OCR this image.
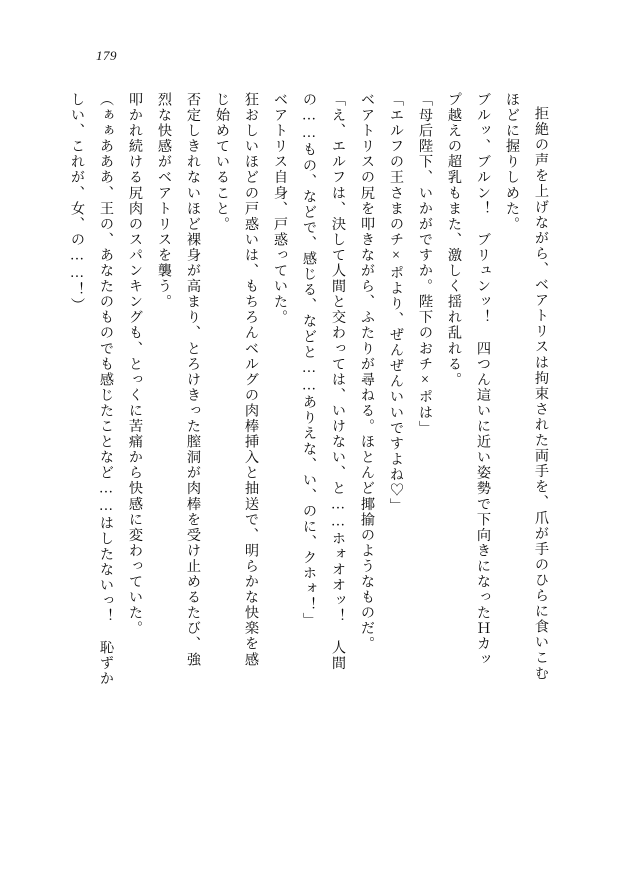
179
拒絶の声を上げながら、ベアトリスは拘束された両手を、爪が手のひらに食いこむ
ほどに握りしめた。
ブルッ、ブルン！　ブリュンッ！　四つん這いに近い姿勢で下向きになったＨカッ
プ越えの超乳もまた、激しく揺れ乱れる。
「母后陛下、いかがですか。陛下のおチ×ポは」
「エルフの王さまのチ×ポより、ぜんぜんいいですよね♡」
ベアトリスの尻を叩きながら、ふたりが尋ねる。ほとんど揶揄のようなものだ。
「え、エルフは、決して人間と交わっては、いけない、と……ホォオオッ！　人間
の……もの、などで、感じる、などと……ありえな、い、のに、クホォ！」
ベアトリス自身、戸惑っていた。
狂おしいほどの戸惑いは、もちろんベルグの肉棒挿入と抽送で、明らかな快楽を感
じ始めていること。
否定しきれないほど裸身が高まり、とろけきった膣洞が肉棒を受け止めるたび、強
烈な快感がベアトリスを襲う。
叩かれ続ける尻肉のスパンキングも、とっくに苦痛から快感に変わっていた。
（ぁぁあああ、王の、あなたのものでも感じたことなど……はしたないっ！　恥ずか
しい、これが、女、の……！）
